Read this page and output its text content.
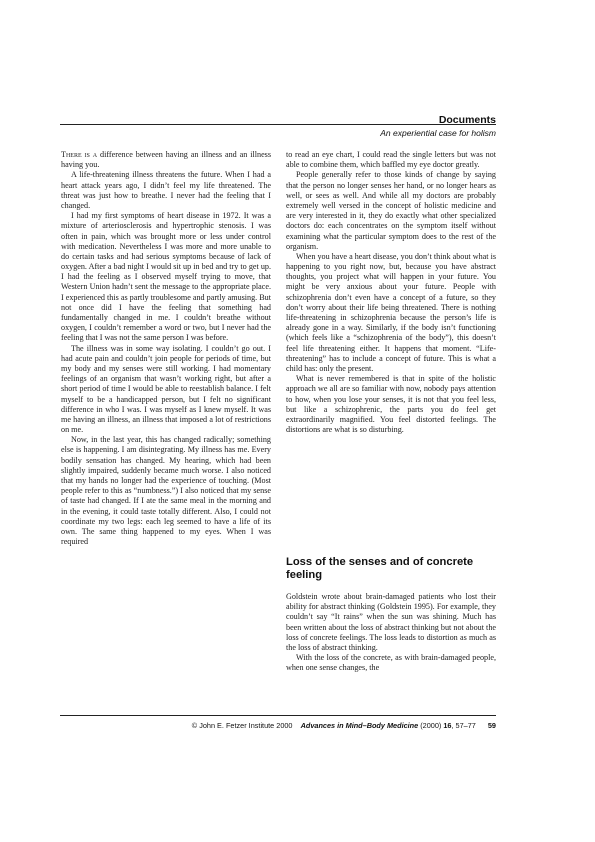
Documents
An experiential case for holism

There is a difference between having an illness and an illness having you.

A life-threatening illness threatens the future. When I had a heart attack years ago, I didn’t feel my life threatened. The threat was just how to breathe. I never had the feeling that I changed.

I had my first symptoms of heart disease in 1972. It was a mixture of arteriosclerosis and hypertrophic stenosis. I was often in pain, which was brought more or less under control with medication. Nevertheless I was more and more unable to do certain tasks and had serious symptoms because of lack of oxygen. After a bad night I would sit up in bed and try to get up. I had the feeling as I observed myself trying to move, that Western Union hadn’t sent the message to the appropriate place. I experienced this as partly troublesome and partly amusing. But not once did I have the feeling that something had fundamentally changed in me. I couldn’t breathe without oxygen, I couldn’t remember a word or two, but I never had the feeling that I was not the same person I was before.

The illness was in some way isolating. I couldn’t go out. I had acute pain and couldn’t join people for periods of time, but my body and my senses were still working. I had momentary feelings of an organism that wasn’t working right, but after a short period of time I would be able to reestablish balance. I felt myself to be a handicapped person, but I felt no significant difference in who I was. I was myself as I knew myself. It was me having an illness, an illness that imposed a lot of restrictions on me.

Now, in the last year, this has changed radically; something else is happening. I am disintegrating. My illness has me. Every bodily sensation has changed. My hearing, which had been slightly impaired, suddenly became much worse. I also noticed that my hands no longer had the experience of touching. (Most people refer to this as “numbness.”) I also noticed that my sense of taste had changed. If I ate the same meal in the morning and in the evening, it could taste totally different. Also, I could not coordinate my two legs: each leg seemed to have a life of its own. The same thing happened to my eyes. When I was required

to read an eye chart, I could read the single letters but was not able to combine them, which baffled my eye doctor greatly.

People generally refer to those kinds of change by saying that the person no longer senses her hand, or no longer hears as well, or sees as well. And while all my doctors are probably extremely well versed in the concept of holistic medicine and are very interested in it, they do exactly what other specialized doctors do: each concentrates on the symptom itself without examining what the particular symptom does to the rest of the organism.

When you have a heart disease, you don’t think about what is happening to you right now, but, because you have abstract thoughts, you project what will happen in your future. You might be very anxious about your future. People with schizophrenia don’t even have a concept of a future, so they don’t worry about their life being threatened. There is nothing life-threatening in schizophrenia because the person’s life is already gone in a way. Similarly, if the body isn’t functioning (which feels like a “schizophrenia of the body”), this doesn’t feel life threatening either. It happens that moment. “Life-threatening” has to include a concept of future. This is what a child has: only the present.

What is never remembered is that in spite of the holistic approach we all are so familiar with now, nobody pays attention to how, when you lose your senses, it is not that you feel less, but like a schizophrenic, the parts you do feel get extraordinarily magnified. You feel distorted feelings. The distortions are what is so disturbing.

Loss of the senses and of concrete feeling

Goldstein wrote about brain-damaged patients who lost their ability for abstract thinking (Goldstein 1995). For example, they couldn’t say “It rains” when the sun was shining. Much has been written about the loss of abstract thinking but not about the loss of concrete feelings. The loss leads to distortion as much as the loss of abstract thinking.

With the loss of the concrete, as with brain-damaged people, when one sense changes, the

© John E. Fetzer Institute 2000 Advances in Mind–Body Medicine (2000) 16, 57–77 59
